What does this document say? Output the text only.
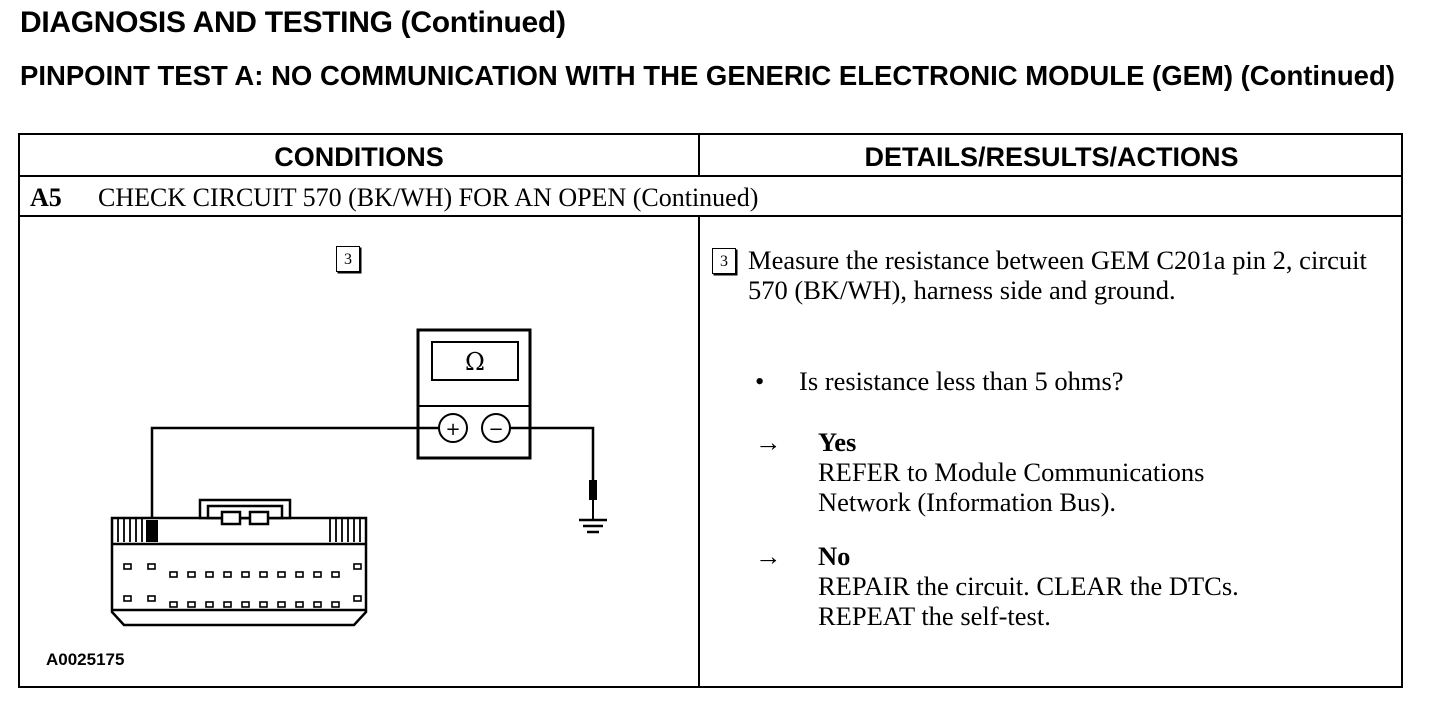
DIAGNOSIS AND TESTING (Continued)
PINPOINT TEST A: NO COMMUNICATION WITH THE GENERIC ELECTRONIC MODULE (GEM) (Continued)
CONDITIONS	DETAILS/RESULTS/ACTIONS
A5 CHECK CIRCUIT 570 (BK/WH) FOR AN OPEN (Continued)
A0025175
3
Ω
+ −
3 Measure the resistance between GEM C201a pin 2, circuit 570 (BK/WH), harness side and ground.
• Is resistance less than 5 ohms?
→ Yes
REFER to Module Communications
Network (Information Bus).
→ No
REPAIR the circuit. CLEAR the DTCs.
REPEAT the self-test.
